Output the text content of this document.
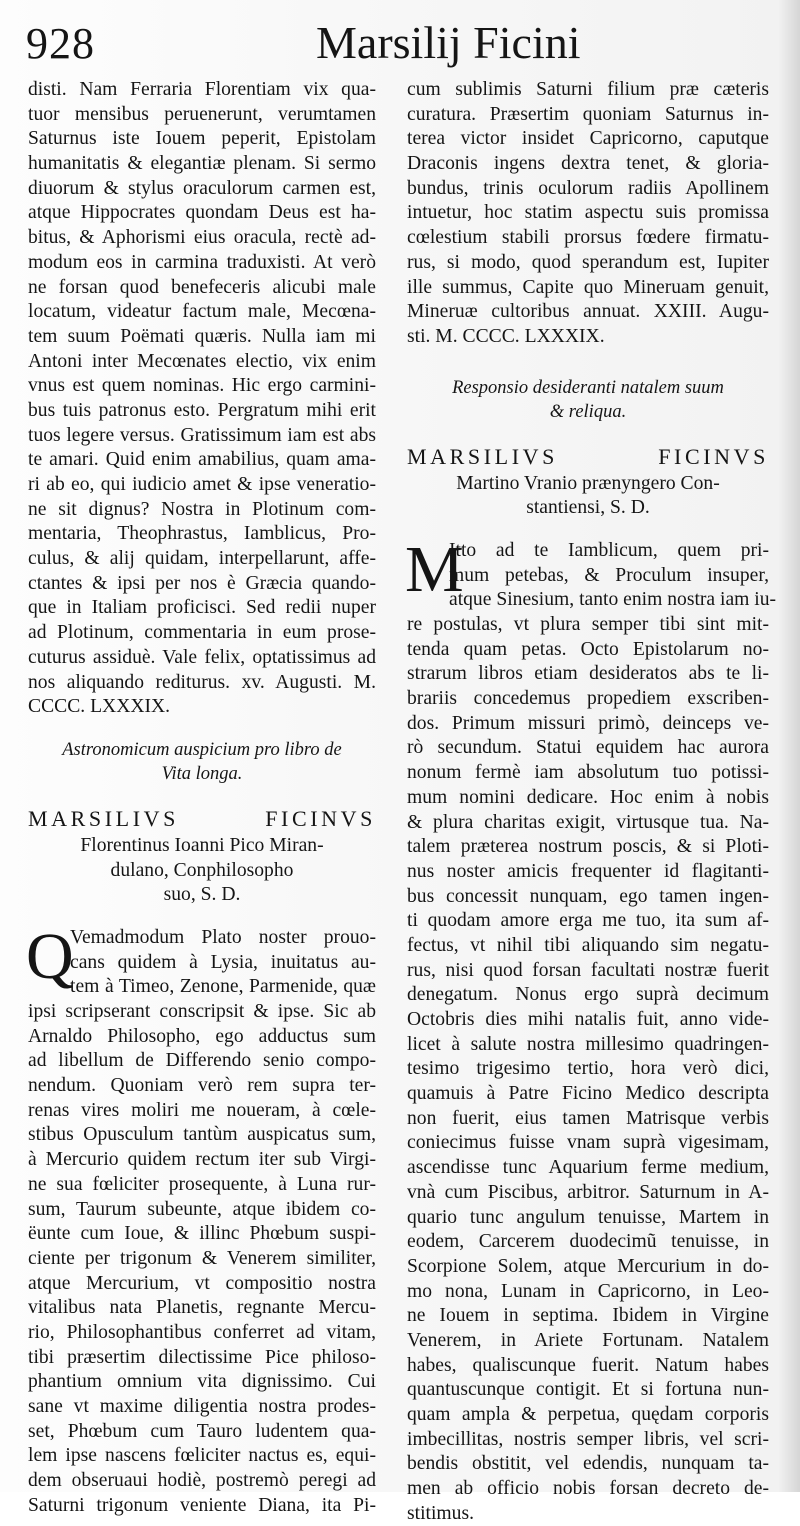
928	Marsilij Ficini
disti. Nam Ferraria Florentiam vix qua-
tuor mensibus peruenerunt, verumtamen
Saturnus iste Iouem peperit, Epistolam
humanitatis & elegantiæ plenam. Si sermo
diuorum & stylus oraculorum carmen est,
atque Hippocrates quondam Deus est ha-
bitus, & Aphorismi eius oracula, rectè ad-
modum eos in carmina traduxisti. At verò
ne forsan quod benefeceris alicubi male
locatum, videatur factum male, Mecœna-
tem suum Poëmati quæris. Nulla iam mi
Antoni inter Mecœnates electio, vix enim
vnus est quem nominas. Hic ergo carmini-
bus tuis patronus esto. Pergratum mihi erit
tuos legere versus. Gratissimum iam est abs
te amari. Quid enim amabilius, quam ama-
ri ab eo, qui iudicio amet & ipse veneratio-
ne sit dignus? Nostra in Plotinum com-
mentaria, Theophrastus, Iamblicus, Pro-
culus, & alij quidam, interpellarunt, affe-
ctantes & ipsi per nos è Græcia quando-
que in Italiam proficisci. Sed redii nuper
ad Plotinum, commentaria in eum prose-
cuturus assiduè. Vale felix, optatissimus ad
nos aliquando rediturus. xv. Augusti. M.
CCCC. LXXXIX.
Astronomicum auspicium pro libro de
Vita longa.
MARSILIVS FICINVS
Florentinus Ioanni Pico Miran-
dulano, Conphilosopho
suo, S. D.
Q
Vemadmodum Plato noster prouo-
cans quidem à Lysia, inuitatus au-
tem à Timeo, Zenone, Parmenide, quæ
ipsi scripserant conscripsit & ipse. Sic ab
Arnaldo Philosopho, ego adductus sum
ad libellum de Differendo senio compo-
nendum. Quoniam verò rem supra ter-
renas vires moliri me noueram, à cœle-
stibus Opusculum tantùm auspicatus sum,
à Mercurio quidem rectum iter sub Virgi-
ne sua fœliciter prosequente, à Luna rur-
sum, Taurum subeunte, atque ibidem co-
ëunte cum Ioue, & illinc Phœbum suspi-
ciente per trigonum & Venerem similiter,
atque Mercurium, vt compositio nostra
vitalibus nata Planetis, regnante Mercu-
rio, Philosophantibus conferret ad vitam,
tibi præsertim dilectissime Pice philoso-
phantium omnium vita dignissimo. Cui
sane vt maxime diligentia nostra prodes-
set, Phœbum cum Tauro ludentem qua-
lem ipse nascens fœliciter nactus es, equi-
dem obseruaui hodiè, postremò peregi ad
Saturni trigonum veniente Diana, ita Pi-
cum sublimis Saturni filium præ cæteris
curatura. Præsertim quoniam Saturnus in-
terea victor insidet Capricorno, caputque
Draconis ingens dextra tenet, & gloria-
bundus, trinis oculorum radiis Apollinem
intuetur, hoc statim aspectu suis promissa
cœlestium stabili prorsus fœdere firmatu-
rus, si modo, quod sperandum est, Iupiter
ille summus, Capite quo Mineruam genuit,
Mineruæ cultoribus annuat. XXIII. Augu-
sti. M. CCCC. LXXXIX.
Responsio desideranti natalem suum
& reliqua.
MARSILIVS FICINVS
Martino Vranio prænyngero Con-
stantiensi, S. D.
M
Itto ad te Iamblicum, quem pri-
mum petebas, & Proculum insuper,
atque Sinesium, tanto enim nostra iam iu-
re postulas, vt plura semper tibi sint mit-
tenda quam petas. Octo Epistolarum no-
strarum libros etiam desideratos abs te li-
brariis concedemus propediem exscriben-
dos. Primum missuri primò, deinceps ve-
rò secundum. Statui equidem hac aurora
nonum fermè iam absolutum tuo potissi-
mum nomini dedicare. Hoc enim à nobis
& plura charitas exigit, virtusque tua. Na-
talem præterea nostrum poscis, & si Ploti-
nus noster amicis frequenter id flagitanti-
bus concessit nunquam, ego tamen ingen-
ti quodam amore erga me tuo, ita sum af-
fectus, vt nihil tibi aliquando sim negatu-
rus, nisi quod forsan facultati nostræ fuerit
denegatum. Nonus ergo suprà decimum
Octobris dies mihi natalis fuit, anno vide-
licet à salute nostra millesimo quadringen-
tesimo trigesimo tertio, hora verò dici,
quamuis à Patre Ficino Medico descripta
non fuerit, eius tamen Matrisque verbis
coniecimus fuisse vnam suprà vigesimam,
ascendisse tunc Aquarium ferme medium,
vnà cum Piscibus, arbitror. Saturnum in A-
quario tunc angulum tenuisse, Martem in
eodem, Carcerem duodecimũ tenuisse, in
Scorpione Solem, atque Mercurium in do-
mo nona, Lunam in Capricorno, in Leo-
ne Iouem in septima. Ibidem in Virgine
Venerem, in Ariete Fortunam. Natalem
habes, qualiscunque fuerit. Natum habes
quantuscunque contigit. Et si fortuna nun-
quam ampla & perpetua, quędam corporis
imbecillitas, nostris semper libris, vel scri-
bendis obstitit, vel edendis, nunquam ta-
men ab officio nobis forsan decreto de-
stitimus.
